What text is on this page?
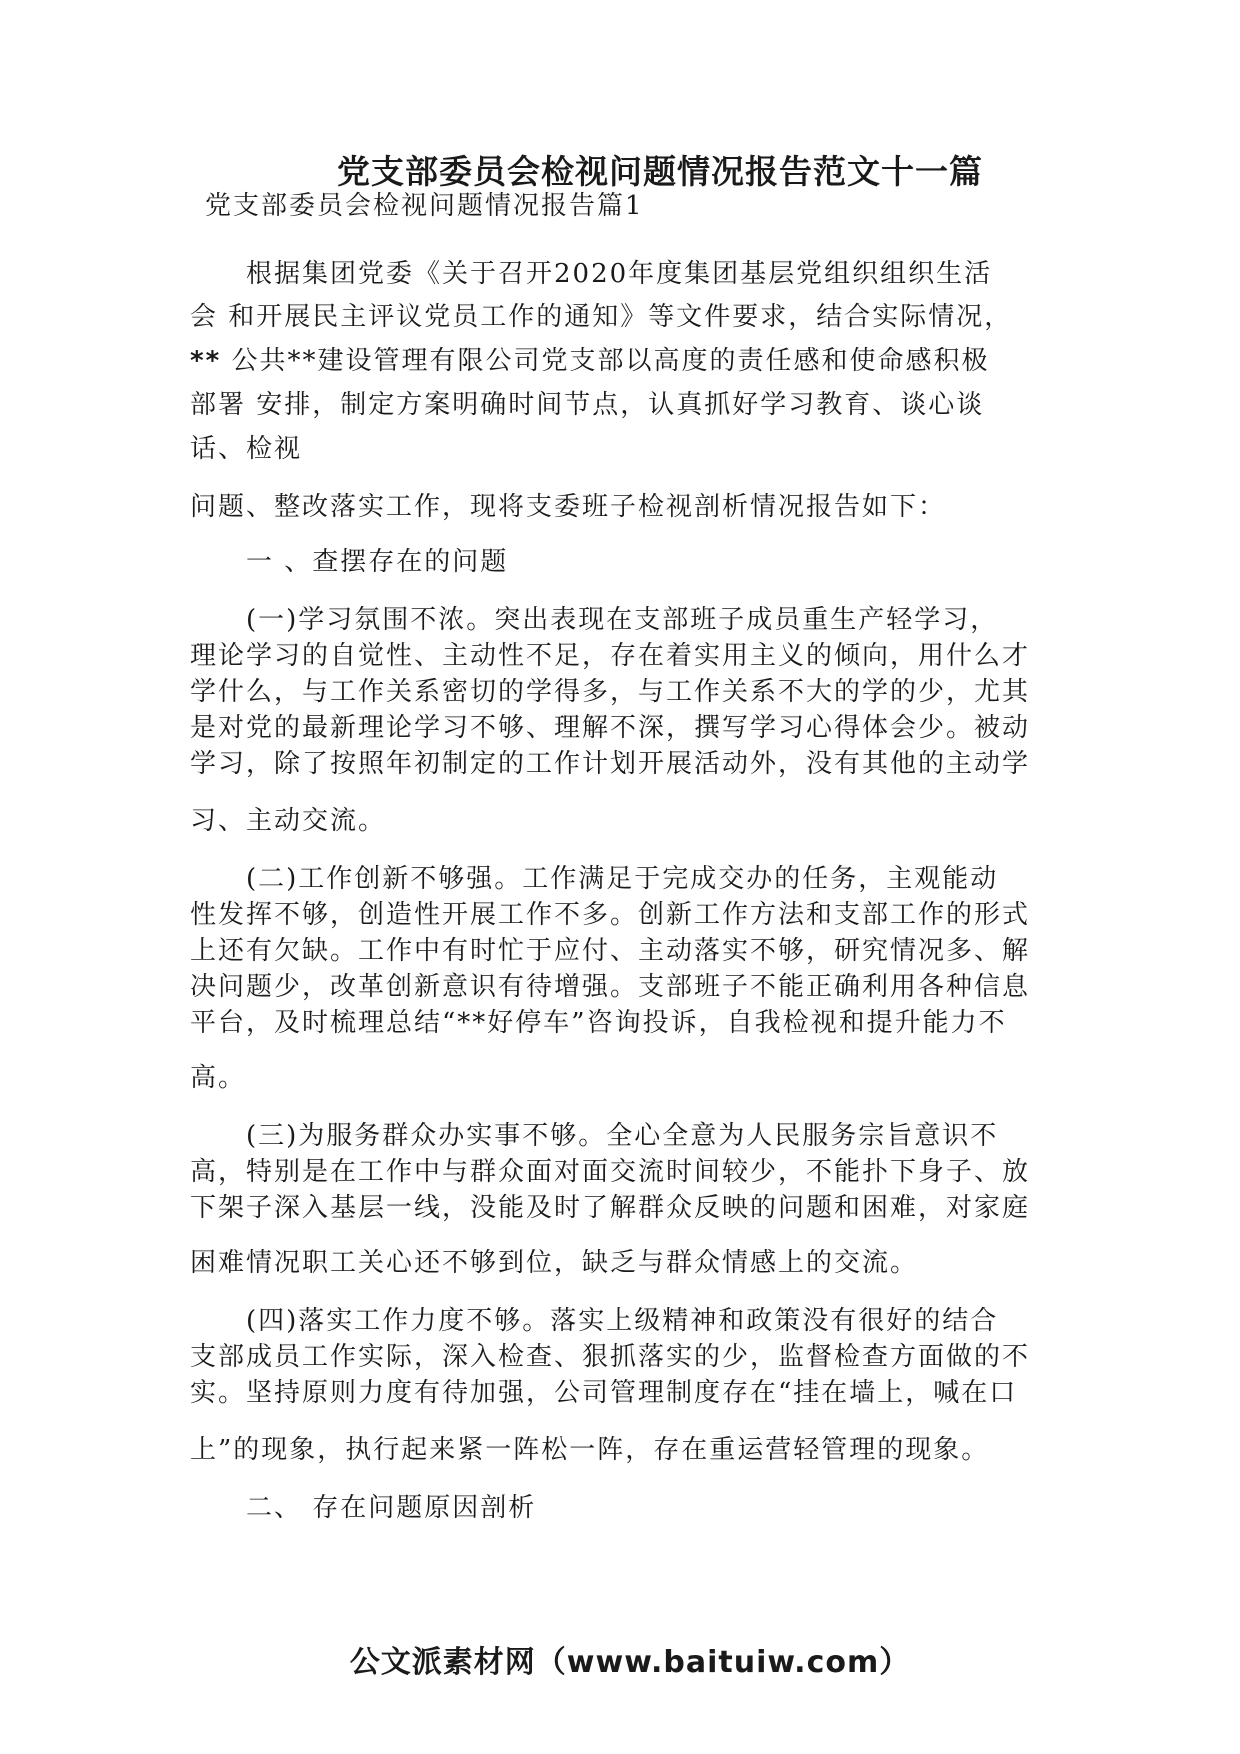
党支部委员会检视问题情况报告范文十一篇
党支部委员会检视问题情况报告篇1
　　根据集团党委《关于召开2020年度集团基层党组织组织生活
会 和开展民主评议党员工作的通知》等文件要求，结合实际情况，
** 公共**建设管理有限公司党支部以高度的责任感和使命感积极
部署 安排，制定方案明确时间节点，认真抓好学习教育、谈心谈
话、检视
问题、整改落实工作，现将支委班子检视剖析情况报告如下：
　　一 、查摆存在的问题
　　(一)学习氛围不浓。突出表现在支部班子成员重生产轻学习，
理论学习的自觉性、主动性不足，存在着实用主义的倾向，用什么才
学什么，与工作关系密切的学得多，与工作关系不大的学的少，尤其
是对党的最新理论学习不够、理解不深，撰写学习心得体会少。被动
学习，除了按照年初制定的工作计划开展活动外，没有其他的主动学
习、主动交流。
　　(二)工作创新不够强。工作满足于完成交办的任务，主观能动
性发挥不够，创造性开展工作不多。创新工作方法和支部工作的形式
上还有欠缺。工作中有时忙于应付、主动落实不够，研究情况多、解
决问题少，改革创新意识有待增强。支部班子不能正确利用各种信息
平台，及时梳理总结“**好停车”咨询投诉，自我检视和提升能力不
高。
　　(三)为服务群众办实事不够。全心全意为人民服务宗旨意识不
高，特别是在工作中与群众面对面交流时间较少，不能扑下身子、放
下架子深入基层一线，没能及时了解群众反映的问题和困难，对家庭
困难情况职工关心还不够到位，缺乏与群众情感上的交流。
　　(四)落实工作力度不够。落实上级精神和政策没有很好的结合
支部成员工作实际，深入检查、狠抓落实的少，监督检查方面做的不
实。坚持原则力度有待加强，公司管理制度存在“挂在墙上，喊在口
上”的现象，执行起来紧一阵松一阵，存在重运营轻管理的现象。
　　二、 存在问题原因剖析
公文派素材网（www.baituiw.com）
